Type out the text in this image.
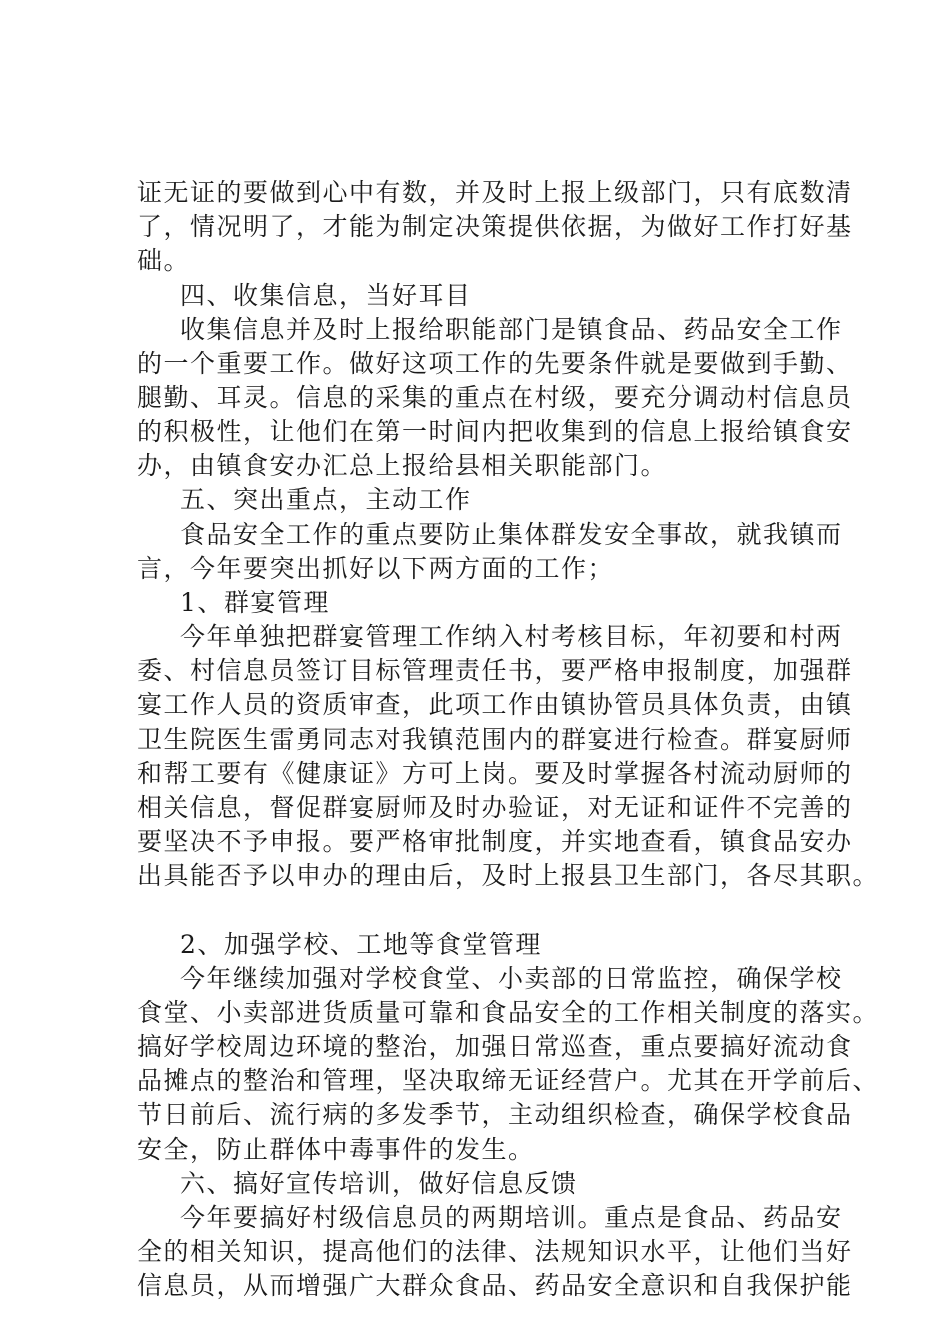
证无证的要做到心中有数，并及时上报上级部门，只有底数清
了，情况明了，才能为制定决策提供依据，为做好工作打好基
础。
四、收集信息，当好耳目
收集信息并及时上报给职能部门是镇食品、药品安全工作
的一个重要工作。做好这项工作的先要条件就是要做到手勤、
腿勤、耳灵。信息的采集的重点在村级，要充分调动村信息员
的积极性，让他们在第一时间内把收集到的信息上报给镇食安
办，由镇食安办汇总上报给县相关职能部门。
五、突出重点，主动工作
食品安全工作的重点要防止集体群发安全事故，就我镇而
言，今年要突出抓好以下两方面的工作；
1、群宴管理
今年单独把群宴管理工作纳入村考核目标，年初要和村两
委、村信息员签订目标管理责任书，要严格申报制度，加强群
宴工作人员的资质审查，此项工作由镇协管员具体负责，由镇
卫生院医生雷勇同志对我镇范围内的群宴进行检查。群宴厨师
和帮工要有《健康证》方可上岗。要及时掌握各村流动厨师的
相关信息，督促群宴厨师及时办验证，对无证和证件不完善的
要坚决不予申报。要严格审批制度，并实地查看，镇食品安办
出具能否予以申办的理由后，及时上报县卫生部门，各尽其职。
2、加强学校、工地等食堂管理
今年继续加强对学校食堂、小卖部的日常监控，确保学校
食堂、小卖部进货质量可靠和食品安全的工作相关制度的落实。
搞好学校周边环境的整治，加强日常巡查，重点要搞好流动食
品摊点的整治和管理，坚决取缔无证经营户。尤其在开学前后、
节日前后、流行病的多发季节，主动组织检查，确保学校食品
安全，防止群体中毒事件的发生。
六、搞好宣传培训，做好信息反馈
今年要搞好村级信息员的两期培训。重点是食品、药品安
全的相关知识，提高他们的法律、法规知识水平，让他们当好
信息员，从而增强广大群众食品、药品安全意识和自我保护能
